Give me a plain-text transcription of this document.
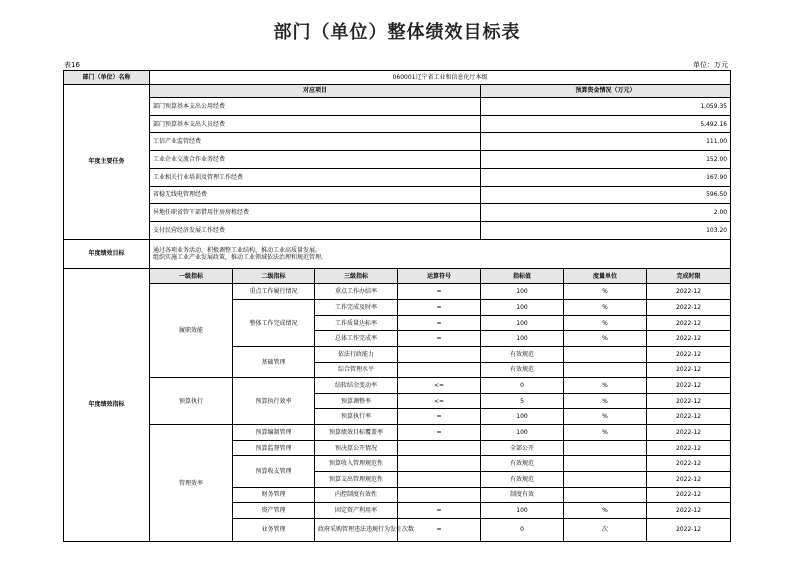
部门（单位）整体绩效目标表
表16	单位：万元
部门（单位）名称	060001辽宁省工业和信息化厅本级						
年度主要任务	对应项目				预算资金情况（万元）		
	部门预算基本支出公用经费				1,059.35		
	部门预算基本支出人员经费				5,492.16		
	工信产业监管经费				111.00		
	工业企业交流合作业务经费				152.00		
	工业相关行业培训及管理工作经费				167.90		
	省稳无线电管理经费				596.50		
	异地任职省管干部借用住房房租经费				2.00		
	支付民营经济发展工作经费				103.20		
年度绩效目标	通过各项业务活动，积极调整工业结构，推动工业高质量发展。
组织实施工业产业发展政策，推动工业领域依法治理和规范管理。						

年度绩效指标	一级指标	二级指标	三级指标	运算符号	指标值	度量单位	完成时限
	履职效能	重点工作履行情况	重点工作办结率	=	100	%	2022-12
		整体工作完成情况	工作完成及时率	=	100	%	2022-12
			工作质量达标率	=	100	%	2022-12
			总体工作完成率	=	100	%	2022-12
		基础管理	依法行政能力		有效规范		2022-12
			综合管理水平		有效规范		2022-12
	预算执行	预算执行效率	结转结余变动率	<=	0	%	2022-12
			预算调整率	<=	5	%	2022-12
			预算执行率	=	100	%	2022-12
	管理效率	预算编制管理	预算绩效目标覆盖率	=	100	%	2022-12
		预算监督管理	预决算公开情况		全部公开		2022-12
		预算收支管理	预算收入管理规范性		有效规范		2022-12
			预算支出管理规范性		有效规范		2022-12
		财务管理	内控制度有效性		制度有效		2022-12
		资产管理	固定资产利用率	=	100	%	2022-12
		业务管理	政府采购管理违法违规行为发生次数	=	0	次	2022-12
